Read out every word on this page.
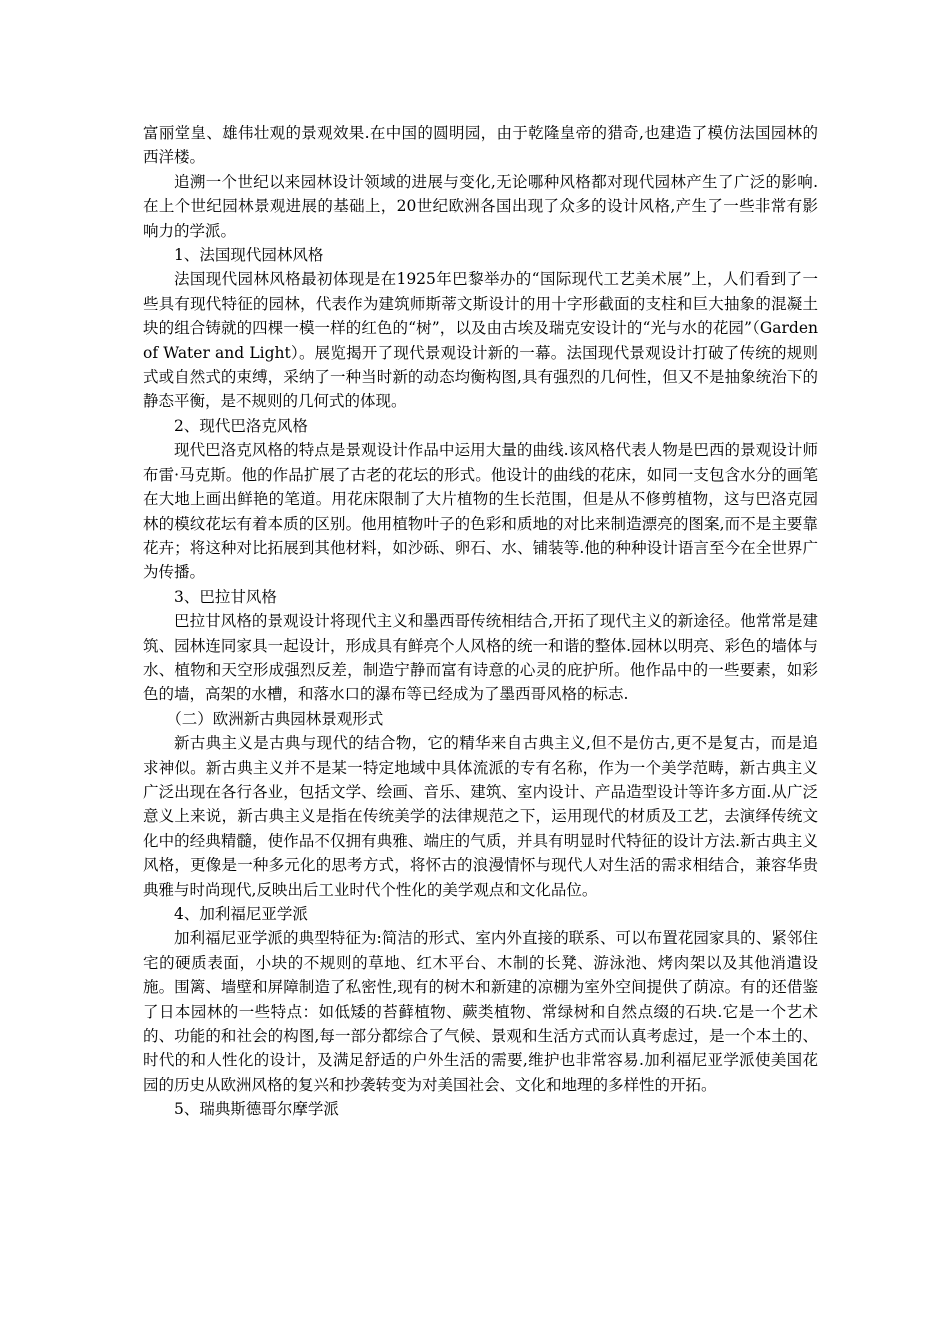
富丽堂皇、雄伟壮观的景观效果.在中国的圆明园，由于乾隆皇帝的猎奇,也建造了模仿法国园林的西洋楼。

追溯一个世纪以来园林设计领域的进展与变化,无论哪种风格都对现代园林产生了广泛的影响.在上个世纪园林景观进展的基础上，20世纪欧洲各国出现了众多的设计风格,产生了一些非常有影响力的学派。

1、法国现代园林风格

法国现代园林风格最初体现是在1925年巴黎举办的“国际现代工艺美术展”上，人们看到了一些具有现代特征的园林，代表作为建筑师斯蒂文斯设计的用十字形截面的支柱和巨大抽象的混凝土块的组合铸就的四棵一模一样的红色的“树”，以及由古埃及瑞克安设计的“光与水的花园”（Garden of Water and Light）。展览揭开了现代景观设计新的一幕。法国现代景观设计打破了传统的规则式或自然式的束缚，采纳了一种当时新的动态均衡构图,具有强烈的几何性，但又不是抽象统治下的静态平衡，是不规则的几何式的体现。

2、现代巴洛克风格

现代巴洛克风格的特点是景观设计作品中运用大量的曲线.该风格代表人物是巴西的景观设计师布雷·马克斯。他的作品扩展了古老的花坛的形式。他设计的曲线的花床，如同一支包含水分的画笔在大地上画出鲜艳的笔道。用花床限制了大片植物的生长范围，但是从不修剪植物，这与巴洛克园林的模纹花坛有着本质的区别。他用植物叶子的色彩和质地的对比来制造漂亮的图案,而不是主要靠花卉；将这种对比拓展到其他材料，如沙砾、卵石、水、铺装等.他的种种设计语言至今在全世界广为传播。

3、巴拉甘风格

巴拉甘风格的景观设计将现代主义和墨西哥传统相结合,开拓了现代主义的新途径。他常常是建筑、园林连同家具一起设计，形成具有鲜亮个人风格的统一和谐的整体.园林以明亮、彩色的墙体与水、植物和天空形成强烈反差，制造宁静而富有诗意的心灵的庇护所。他作品中的一些要素，如彩色的墙，高架的水槽，和落水口的瀑布等已经成为了墨西哥风格的标志.

（二）欧洲新古典园林景观形式

新古典主义是古典与现代的结合物，它的精华来自古典主义,但不是仿古,更不是复古，而是追求神似。新古典主义并不是某一特定地域中具体流派的专有名称，作为一个美学范畴，新古典主义广泛出现在各行各业，包括文学、绘画、音乐、建筑、室内设计、产品造型设计等许多方面.从广泛意义上来说，新古典主义是指在传统美学的法律规范之下，运用现代的材质及工艺，去演绎传统文化中的经典精髓，使作品不仅拥有典雅、端庄的气质，并具有明显时代特征的设计方法.新古典主义风格，更像是一种多元化的思考方式，将怀古的浪漫情怀与现代人对生活的需求相结合，兼容华贵典雅与时尚现代,反映出后工业时代个性化的美学观点和文化品位。

4、加利福尼亚学派

加利福尼亚学派的典型特征为:简洁的形式、室内外直接的联系、可以布置花园家具的、紧邻住宅的硬质表面，小块的不规则的草地、红木平台、木制的长凳、游泳池、烤肉架以及其他消遣设施。围篱、墙壁和屏障制造了私密性,现有的树木和新建的凉棚为室外空间提供了荫凉。有的还借鉴了日本园林的一些特点：如低矮的苔藓植物、蕨类植物、常绿树和自然点缀的石块.它是一个艺术的、功能的和社会的构图,每一部分都综合了气候、景观和生活方式而认真考虑过，是一个本土的、时代的和人性化的设计，及满足舒适的户外生活的需要,维护也非常容易.加利福尼亚学派使美国花园的历史从欧洲风格的复兴和抄袭转变为对美国社会、文化和地理的多样性的开拓。

5、瑞典斯德哥尔摩学派
